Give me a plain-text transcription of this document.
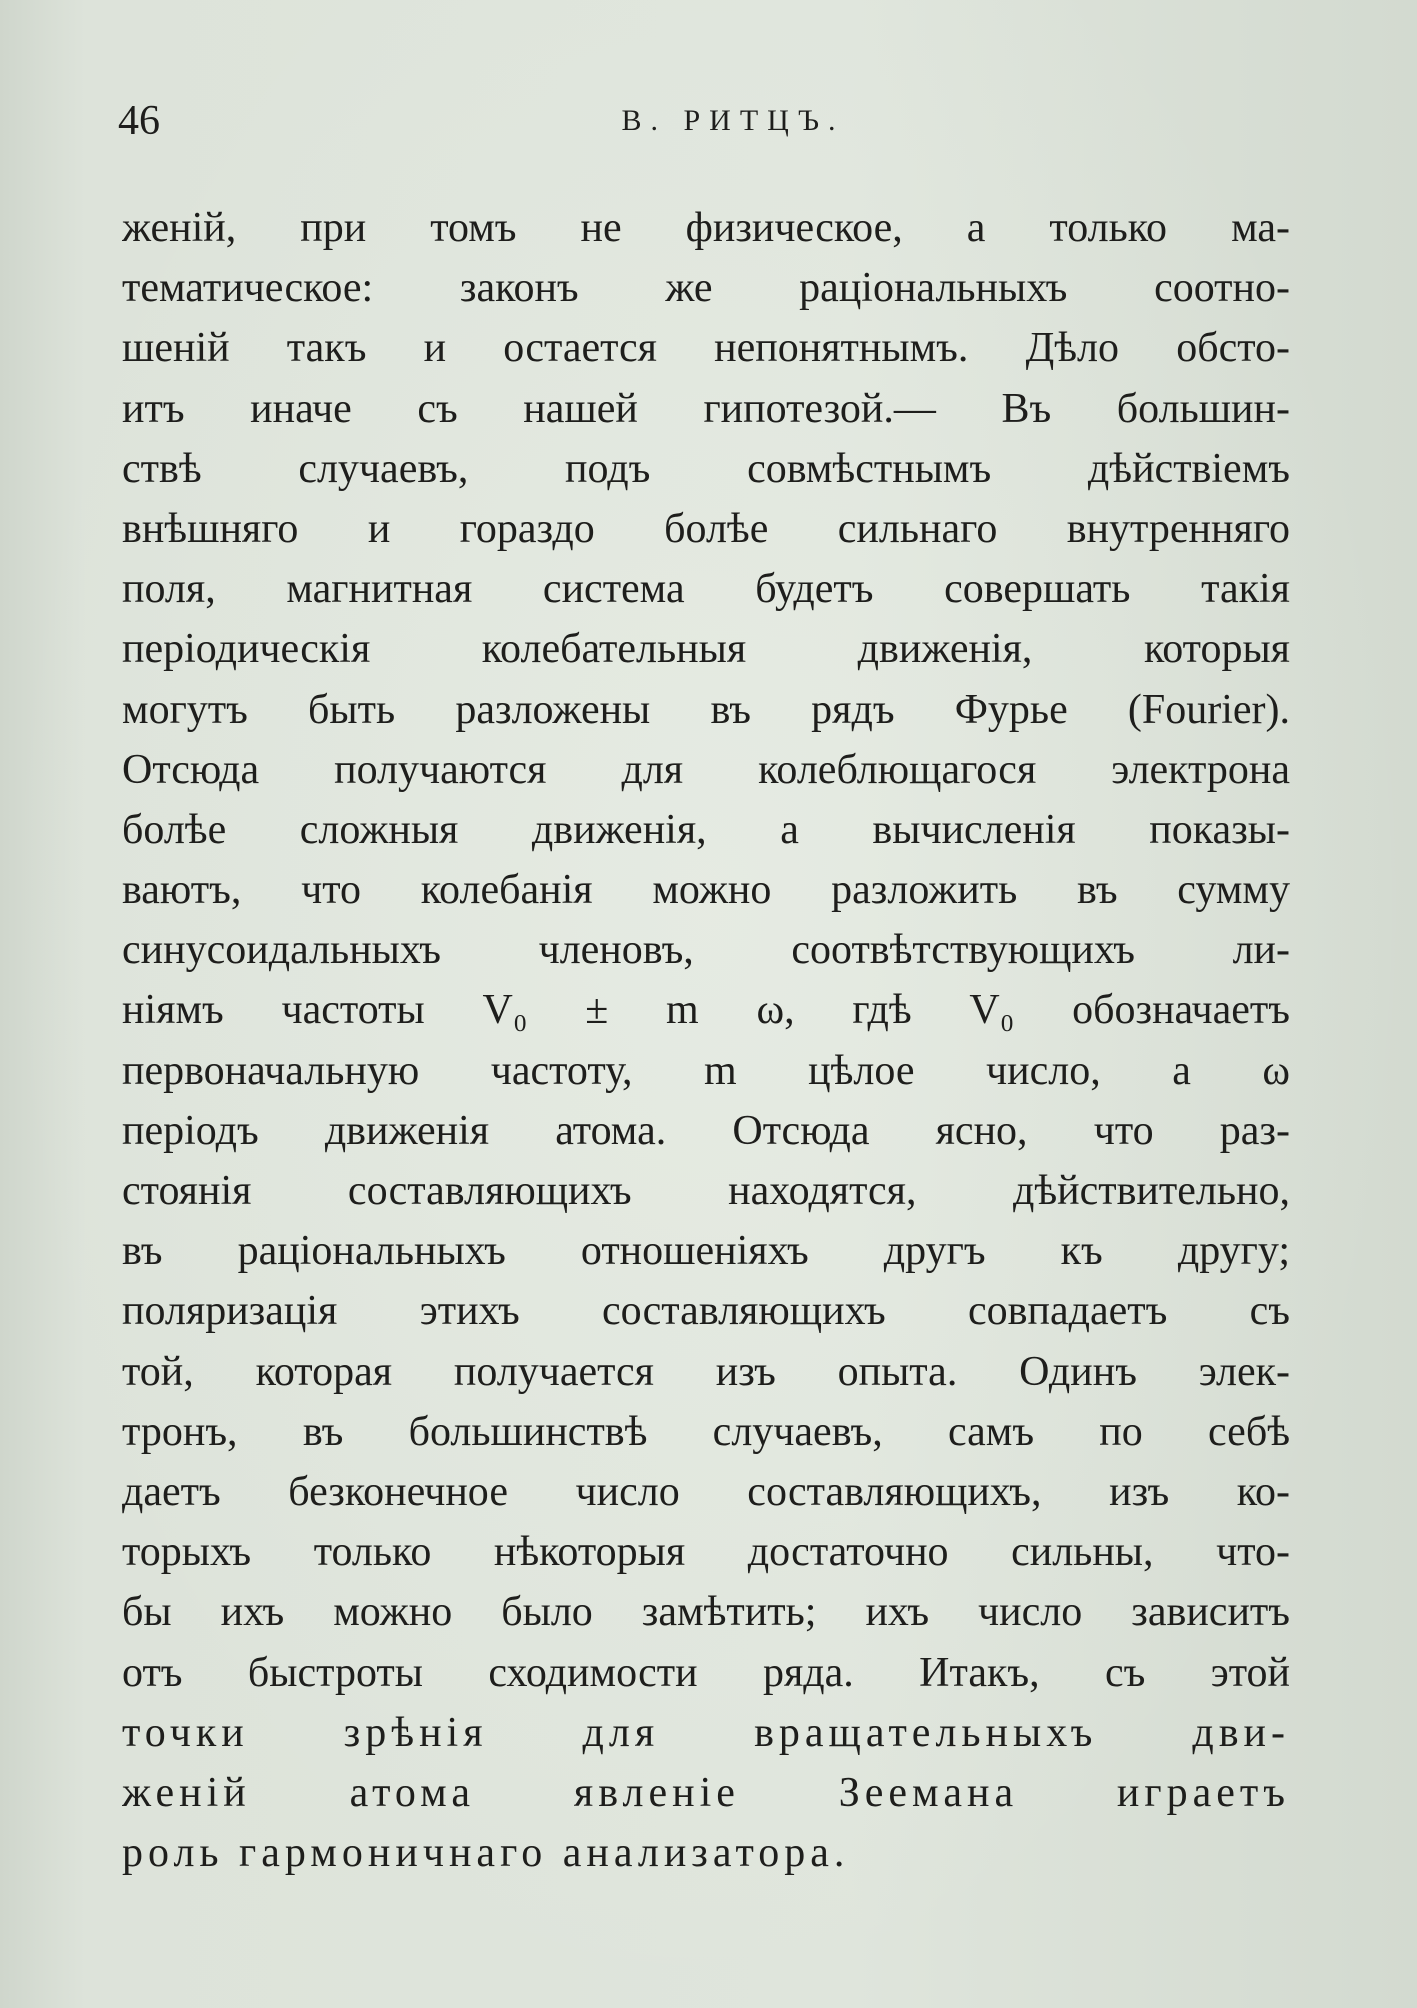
46	В. РИТЦЪ.
женій, при томъ не физическое, а только ма-
тематическое: законъ же раціональныхъ соотно-
шеній такъ и остается непонятнымъ. Дѣло обсто-
итъ иначе съ нашей гипотезой.— Въ большин-
ствѣ случаевъ, подъ совмѣстнымъ дѣйствіемъ
внѣшняго и гораздо болѣе сильнаго внутренняго
поля, магнитная система будетъ совершать такія
періодическія колебательныя движенія, которыя
могутъ быть разложены въ рядъ Фурье (Fourier).
Отсюда получаются для колеблющагося электрона
болѣе сложныя движенія, а вычисленія показы-
ваютъ, что колебанія можно разложить въ сумму
синусоидальныхъ членовъ, соотвѣтствующихъ ли-
ніямъ частоты V₀ ± m ω, гдѣ V₀ обозначаетъ
первоначальную частоту, m цѣлое число, а ω
періодъ движенія атома. Отсюда ясно, что раз-
стоянія составляющихъ находятся, дѣйствительно,
въ раціональныхъ отношеніяхъ другъ къ другу;
поляризація этихъ составляющихъ совпадаетъ съ
той, которая получается изъ опыта. Одинъ элек-
тронъ, въ большинствѣ случаевъ, самъ по себѣ
даетъ безконечное число составляющихъ, изъ ко-
торыхъ только нѣкоторыя достаточно сильны, что-
бы ихъ можно было замѣтить; ихъ число зависитъ
отъ быстроты сходимости ряда. Итакъ, съ этой
точки зрѣнія для вращательныхъ дви-
женій атома явленіе Зеемана играетъ
роль гармоничнаго анализатора.
